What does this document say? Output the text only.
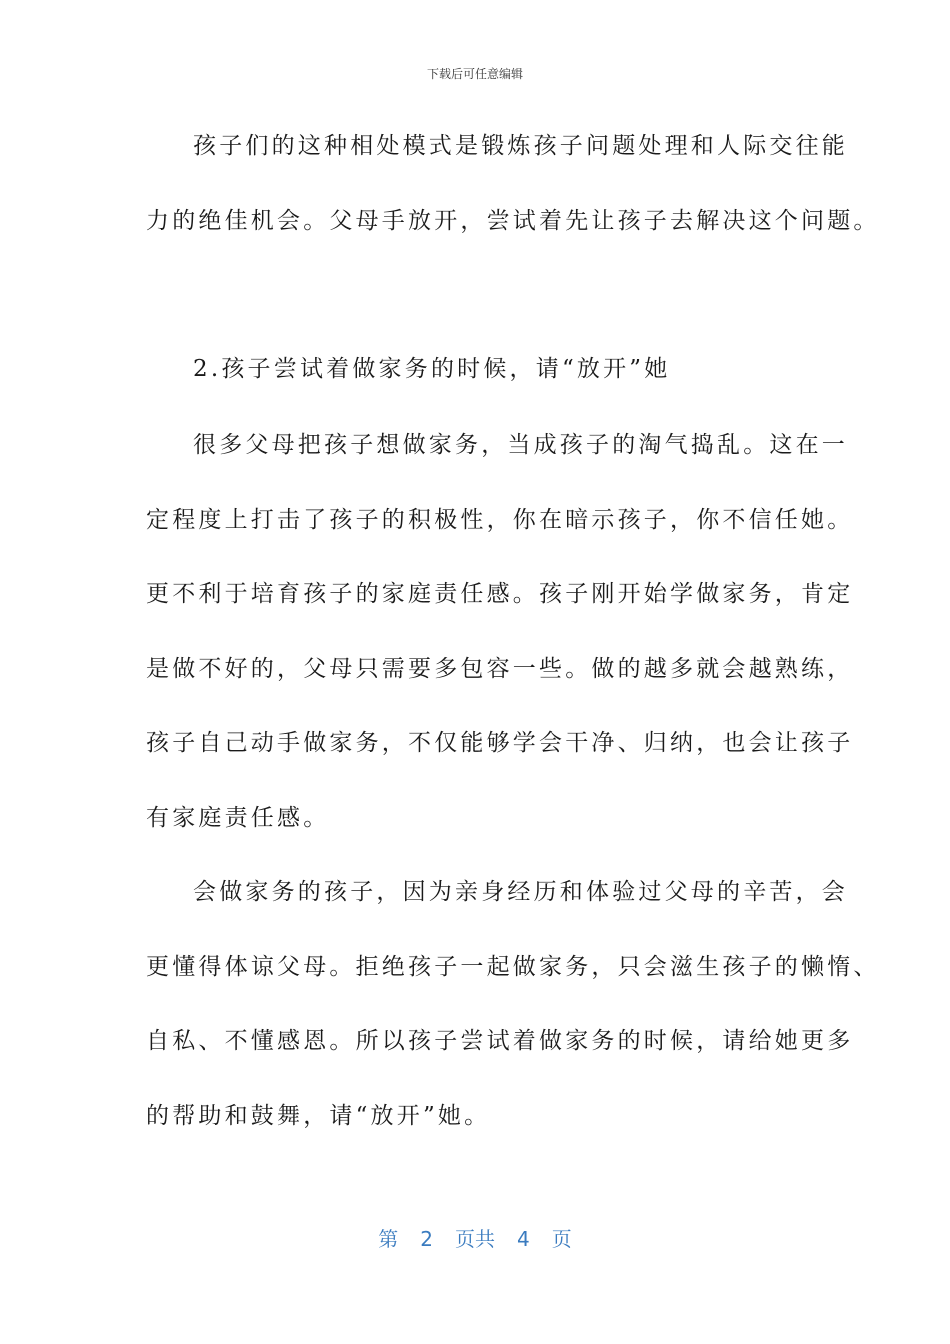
下载后可任意编辑
孩子们的这种相处模式是锻炼孩子问题处理和人际交往能
力的绝佳机会。父母手放开，尝试着先让孩子去解决这个问题。
2.孩子尝试着做家务的时候，请“放开”她
很多父母把孩子想做家务，当成孩子的淘气捣乱。这在一
定程度上打击了孩子的积极性，你在暗示孩子，你不信任她。
更不利于培育孩子的家庭责任感。孩子刚开始学做家务，肯定
是做不好的，父母只需要多包容一些。做的越多就会越熟练，
孩子自己动手做家务，不仅能够学会干净、归纳，也会让孩子
有家庭责任感。
会做家务的孩子，因为亲身经历和体验过父母的辛苦，会
更懂得体谅父母。拒绝孩子一起做家务，只会滋生孩子的懒惰、
自私、不懂感恩。所以孩子尝试着做家务的时候，请给她更多
的帮助和鼓舞，请“放开”她。
第 2 页共 4 页
